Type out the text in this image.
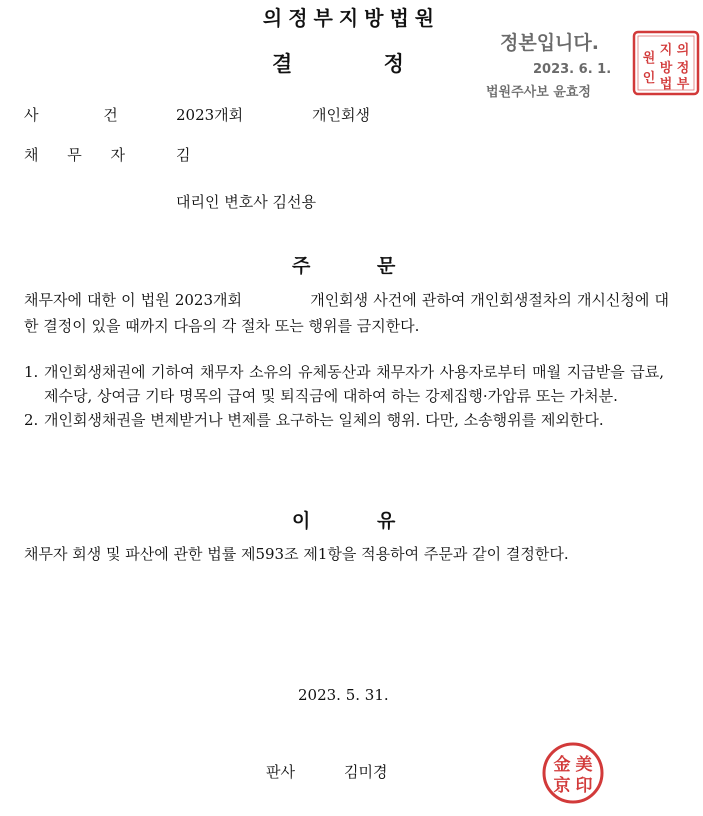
의정부지방법원
결 정
정본입니다.
2023. 6. 1.
법원주사보 윤효정
의
정
부
지
방
법
원
인
사 건	2023개회	개인회생
채 무 자	김
대리인 변호사 김선용
주 문
채무자에 대한 이 법원 2023개회	개인회생 사건에 관하여 개인회생절차의 개시신청에 대한 결정이 있을 때까지 다음의 각 절차 또는 행위를 금지한다.
1. 개인회생채권에 기하여 채무자 소유의 유체동산과 채무자가 사용자로부터 매월 지급받을 급료, 제수당, 상여금 기타 명목의 급여 및 퇴직금에 대하여 하는 강제집행·가압류 또는 가처분.
2. 개인회생채권을 변제받거나 변제를 요구하는 일체의 행위. 다만, 소송행위를 제외한다.
이 유
채무자 회생 및 파산에 관한 법률 제593조 제1항을 적용하여 주문과 같이 결정한다.
2023. 5. 31.
판사	김미경	金 美
京 印
